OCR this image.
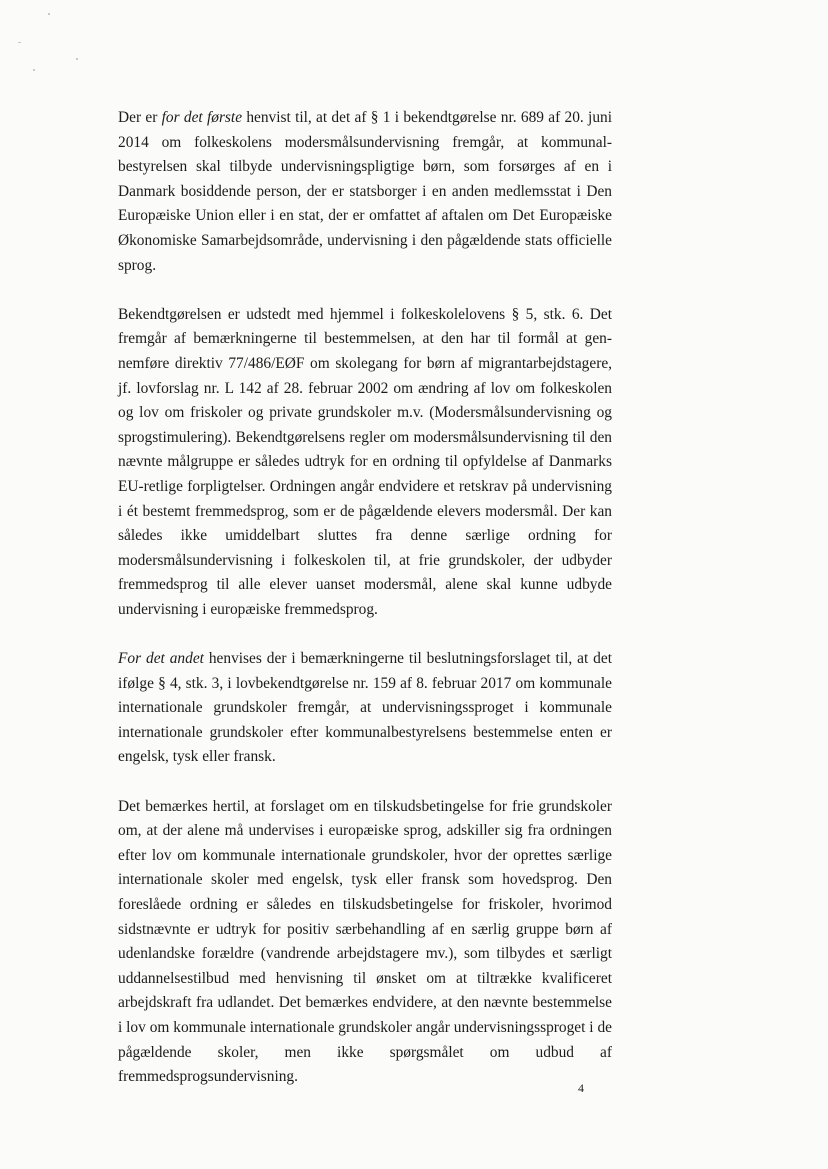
Der er for det første henvist til, at det af § 1 i bekendtgørelse nr. 689 af 20. juni 2014 om folkeskolens modersmålsundervisning fremgår, at kommunalbestyrelsen skal tilbyde undervisningspligtige børn, som forsørges af en i Danmark bosiddende person, der er statsborger i en anden medlemsstat i Den Europæiske Union eller i en stat, der er omfattet af aftalen om Det Europæiske Økonomiske Samarbejdsområde, undervisning i den pågældende stats officielle sprog.

Bekendtgørelsen er udstedt med hjemmel i folkeskolelovens § 5, stk. 6. Det fremgår af bemærkningerne til bestemmelsen, at den har til formål at gennemføre direktiv 77/486/EØF om skolegang for børn af migrantarbejdstagere, jf. lovforslag nr. L 142 af 28. februar 2002 om ændring af lov om folkeskolen og lov om friskoler og private grundskoler m.v. (Modersmålsundervisning og sprogstimulering). Bekendtgørelsens regler om modersmålsundervisning til den nævnte målgruppe er således udtryk for en ordning til opfyldelse af Danmarks EU-retlige forpligtelser. Ordningen angår endvidere et retskrav på undervisning i ét bestemt fremmedsprog, som er de pågældende elevers modersmål. Der kan således ikke umiddelbart sluttes fra denne særlige ordning for modersmålsundervisning i folkeskolen til, at frie grundskoler, der udbyder fremmedsprog til alle elever uanset modersmål, alene skal kunne udbyde undervisning i europæiske fremmedsprog.

For det andet henvises der i bemærkningerne til beslutningsforslaget til, at det ifølge § 4, stk. 3, i lovbekendtgørelse nr. 159 af 8. februar 2017 om kommunale internationale grundskoler fremgår, at undervisningssproget i kommunale internationale grundskoler efter kommunalbestyrelsens bestemmelse enten er engelsk, tysk eller fransk.

Det bemærkes hertil, at forslaget om en tilskudsbetingelse for frie grundskoler om, at der alene må undervises i europæiske sprog, adskiller sig fra ordningen efter lov om kommunale internationale grundskoler, hvor der oprettes særlige internationale skoler med engelsk, tysk eller fransk som hovedsprog. Den foreslåede ordning er således en tilskudsbetingelse for friskoler, hvorimod sidstnævnte er udtryk for positiv særbehandling af en særlig gruppe børn af udenlandske forældre (vandrende arbejdstagere mv.), som tilbydes et særligt uddannelsestilbud med henvisning til ønsket om at tiltrække kvalificeret arbejdskraft fra udlandet. Det bemærkes endvidere, at den nævnte bestemmelse i lov om kommunale internationale grundskoler angår undervisningssproget i de pågældende skoler, men ikke spørgsmålet om udbud af fremmedsprogsundervisning.

4
